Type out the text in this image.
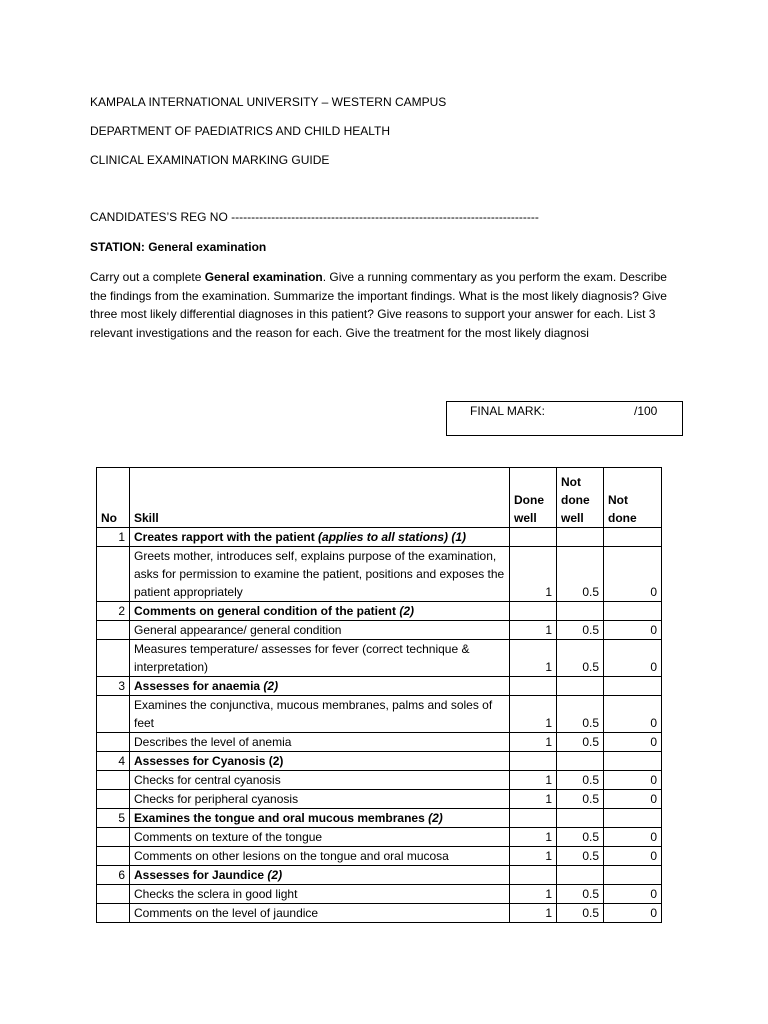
KAMPALA INTERNATIONAL UNIVERSITY – WESTERN CAMPUS
DEPARTMENT OF PAEDIATRICS AND CHILD HEALTH
CLINICAL EXAMINATION MARKING GUIDE
CANDIDATES’S REG NO -----------------------------------------------------------------------------
STATION: General examination
Carry out a complete General examination. Give a running commentary as you perform the exam. Describe the findings from the examination. Summarize the important findings. What is the most likely diagnosis? Give three most likely differential diagnoses in this patient? Give reasons to support your answer for each. List 3 relevant investigations and the reason for each. Give the treatment for the most likely diagnosi
FINAL MARK:	/100
No	Skill	Done well	Not done well	Not done
1	Creates rapport with the patient (applies to all stations) (1)			
	Greets mother, introduces self, explains purpose of the examination, asks for permission to examine the patient, positions and exposes the patient appropriately	1	0.5	0
2	Comments on general condition of the patient (2)			
	General appearance/ general condition	1	0.5	0
	Measures temperature/ assesses for fever (correct technique & interpretation)	1	0.5	0
3	Assesses for anaemia (2)			
	Examines the conjunctiva, mucous membranes, palms and soles of feet	1	0.5	0
	Describes the level of anemia	1	0.5	0
4	Assesses for Cyanosis (2)			
	Checks for central cyanosis	1	0.5	0
	Checks for peripheral cyanosis	1	0.5	0
5	Examines the tongue and oral mucous membranes (2)			
	Comments on texture of the tongue	1	0.5	0
	Comments on other lesions on the tongue and oral mucosa	1	0.5	0
6	Assesses for Jaundice (2)			
	Checks the sclera in good light	1	0.5	0
	Comments on the level of jaundice	1	0.5	0
